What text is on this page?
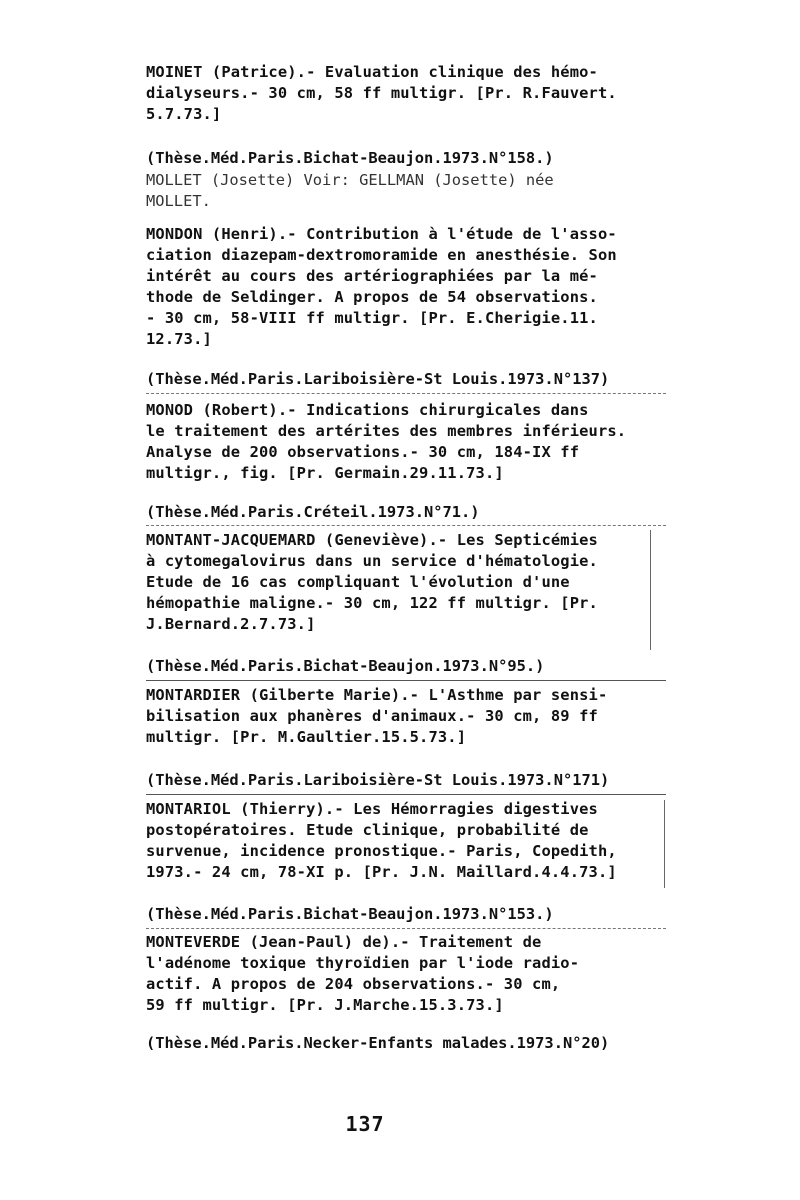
MOINET (Patrice).- Evaluation clinique des hémo-
dialyseurs.- 30 cm, 58 ff multigr. [Pr. R.Fauvert.
5.7.73.]
(Thèse.Méd.Paris.Bichat-Beaujon.1973.N°158.)
MOLLET (Josette) Voir: GELLMAN (Josette) née
MOLLET.
MONDON (Henri).- Contribution à l'étude de l'asso-
ciation diazepam-dextromoramide en anesthésie. Son
intérêt au cours des artériographiées par la mé-
thode de Seldinger. A propos de 54 observations.
- 30 cm, 58-VIII ff multigr. [Pr. E.Cherigie.11.
12.73.]
(Thèse.Méd.Paris.Lariboisière-St Louis.1973.N°137)
MONOD (Robert).- Indications chirurgicales dans
le traitement des artérites des membres inférieurs.
Analyse de 200 observations.- 30 cm, 184-IX ff
multigr., fig. [Pr. Germain.29.11.73.]
(Thèse.Méd.Paris.Créteil.1973.N°71.)
MONTANT-JACQUEMARD (Geneviève).- Les Septicémies
à cytomegalovirus dans un service d'hématologie.
Etude de 16 cas compliquant l'évolution d'une
hémopathie maligne.- 30 cm, 122 ff multigr. [Pr.
J.Bernard.2.7.73.]
(Thèse.Méd.Paris.Bichat-Beaujon.1973.N°95.)
MONTARDIER (Gilberte Marie).- L'Asthme par sensi-
bilisation aux phanères d'animaux.- 30 cm, 89 ff
multigr. [Pr. M.Gaultier.15.5.73.]
(Thèse.Méd.Paris.Lariboisière-St Louis.1973.N°171)
MONTARIOL (Thierry).- Les Hémorragies digestives
postopératoires. Etude clinique, probabilité de
survenue, incidence pronostique.- Paris, Copedith,
1973.- 24 cm, 78-XI p. [Pr. J.N. Maillard.4.4.73.]
(Thèse.Méd.Paris.Bichat-Beaujon.1973.N°153.)
MONTEVERDE (Jean-Paul) de).- Traitement de
l'adénome toxique thyroïdien par l'iode radio-
actif. A propos de 204 observations.- 30 cm,
59 ff multigr. [Pr. J.Marche.15.3.73.]
(Thèse.Méd.Paris.Necker-Enfants malades.1973.N°20)
137
